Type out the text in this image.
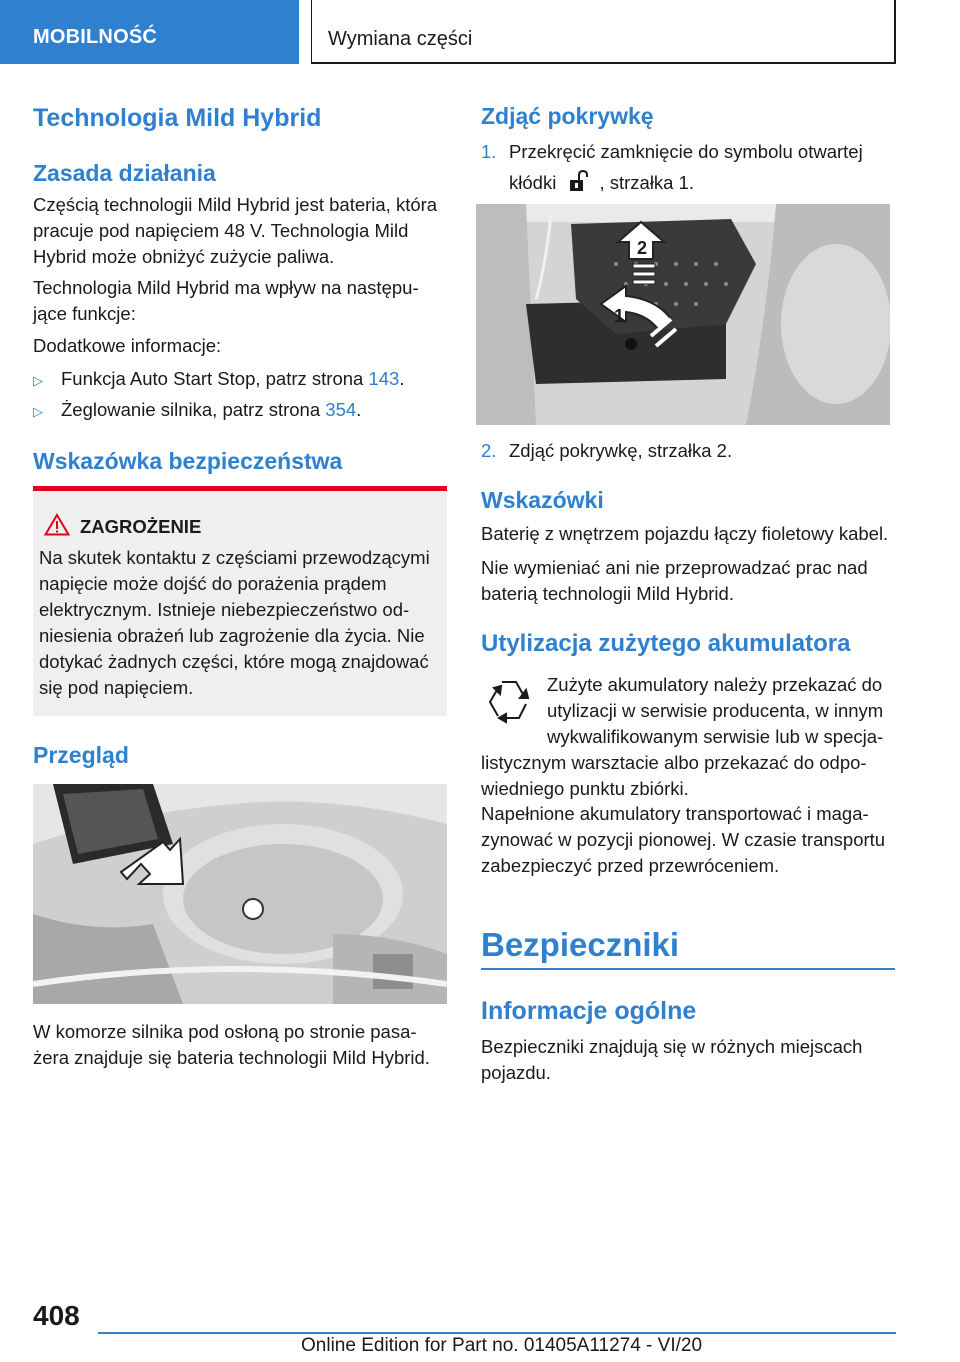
MOBILNOŚĆ	Wymiana części
Technologia Mild Hybrid
Zasada działania

Częścią technologii Mild Hybrid jest bateria, która

pracuje pod napięciem 48 V. Technologia Mild

Hybrid może obniżyć zużycie paliwa.

Technologia Mild Hybrid ma wpływ na następu-

jące funkcje:

Dodatkowe informacje:

▷ Funkcja Auto Start Stop, patrz strona 143.
▷ Żeglowanie silnika, patrz strona 354.
Wskazówka bezpieczeństwa
ZAGROŻENIE
Na skutek kontaktu z częściami przewodzącymi
napięcie może dojść do porażenia prądem
elektrycznym. Istnieje niebezpieczeństwo od-
niesienia obrażeń lub zagrożenie dla życia. Nie
dotykać żadnych części, które mogą znajdować
się pod napięciem.
Przegląd

W komorze silnika pod osłoną po stronie pasa-

żera znajduje się bateria technologii Mild Hybrid.

Zdjąć pokrywkę

1. Przekręcić zamknięcie do symbolu otwartej

kłódki , strzałka 1.

2
1

2. Zdjąć pokrywkę, strzałka 2.

Wskazówki

Baterię z wnętrzem pojazdu łączy fioletowy kabel.

Nie wymieniać ani nie przeprowadzać prac nad

baterią technologii Mild Hybrid.

Utylizacja zużytego akumulatora

Zużyte akumulatory należy przekazać do

utylizacji w serwisie producenta, w innym

wykwalifikowanym serwisie lub w specja-

listycznym warsztacie albo przekazać do odpo-

wiedniego punktu zbiórki.

Napełnione akumulatory transportować i maga-

zynować w pozycji pionowej. W czasie transportu

zabezpieczyć przed przewróceniem.

Bezpieczniki
Informacje ogólne

Bezpieczniki znajdują się w różnych miejscach

pojazdu.

408
Online Edition for Part no. 01405A11274 - VI/20
